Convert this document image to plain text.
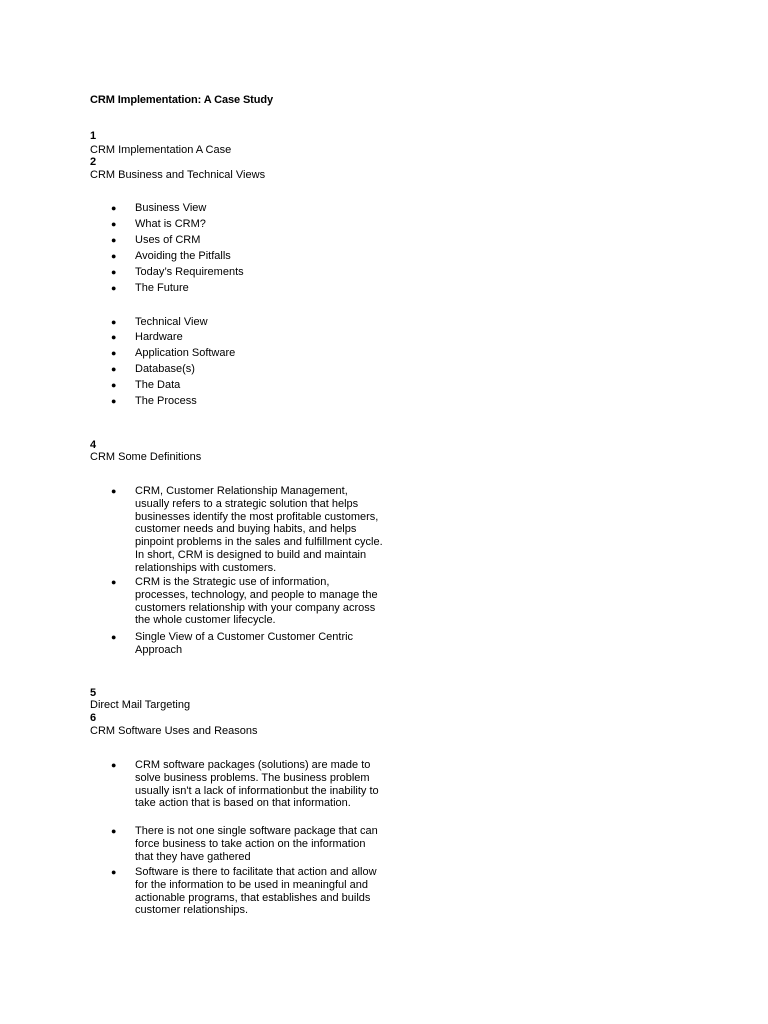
CRM Implementation: A Case Study
1
CRM Implementation A Case
2
CRM Business and Technical Views
● Business View
● What is CRM?
● Uses of CRM
● Avoiding the Pitfalls
● Today’s Requirements
● The Future
● Technical View
● Hardware
● Application Software
● Database(s)
● The Data
● The Process
4
CRM Some Definitions
● CRM, Customer Relationship Management, usually refers to a strategic solution that helps businesses identify the most profitable customers, customer needs and buying habits, and helps pinpoint problems in the sales and fulfillment cycle. In short, CRM is designed to build and maintain relationships with customers.
● CRM is the Strategic use of information, processes, technology, and people to manage the customers relationship with your company across the whole customer lifecycle.
● Single View of a Customer Customer Centric Approach
5
Direct Mail Targeting
6
CRM Software Uses and Reasons
● CRM software packages (solutions) are made to solve business problems. The business problem usually isn't a lack of informationbut the inability to take action that is based on that information.
● There is not one single software package that can force business to take action on the information that they have gathered
● Software is there to facilitate that action and allow for the information to be used in meaningful and actionable programs, that establishes and builds customer relationships.
